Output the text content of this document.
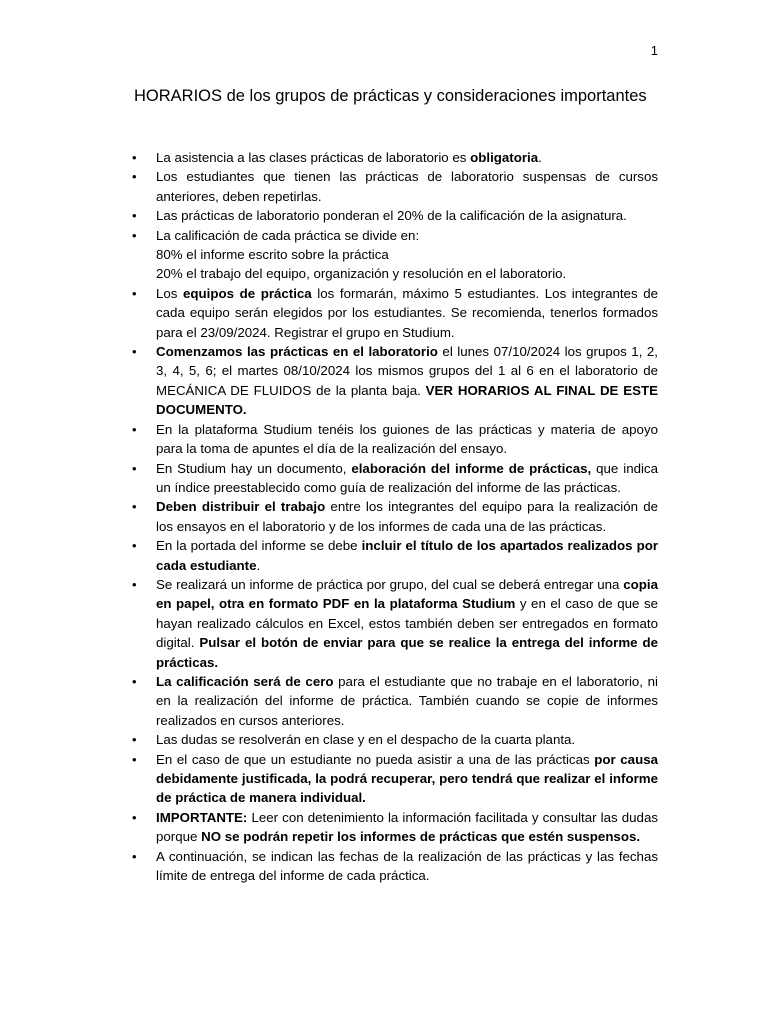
1
HORARIOS de los grupos de prácticas y consideraciones importantes
• La asistencia a las clases prácticas de laboratorio es obligatoria.
• Los estudiantes que tienen las prácticas de laboratorio suspensas de cursos anteriores, deben repetirlas.
• Las prácticas de laboratorio ponderan el 20% de la calificación de la asignatura.
• La calificación de cada práctica se divide en:
80% el informe escrito sobre la práctica
20% el trabajo del equipo, organización y resolución en el laboratorio.
• Los equipos de práctica los formarán, máximo 5 estudiantes. Los integrantes de cada equipo serán elegidos por los estudiantes. Se recomienda, tenerlos formados para el 23/09/2024. Registrar el grupo en Studium.
• Comenzamos las prácticas en el laboratorio el lunes 07/10/2024 los grupos 1, 2, 3, 4, 5, 6; el martes 08/10/2024 los mismos grupos del 1 al 6 en el laboratorio de MECÁNICA DE FLUIDOS de la planta baja. VER HORARIOS AL FINAL DE ESTE DOCUMENTO.
• En la plataforma Studium tenéis los guiones de las prácticas y materia de apoyo para la toma de apuntes el día de la realización del ensayo.
• En Studium hay un documento, elaboración del informe de prácticas, que indica un índice preestablecido como guía de realización del informe de las prácticas.
• Deben distribuir el trabajo entre los integrantes del equipo para la realización de los ensayos en el laboratorio y de los informes de cada una de las prácticas.
• En la portada del informe se debe incluir el título de los apartados realizados por cada estudiante.
• Se realizará un informe de práctica por grupo, del cual se deberá entregar una copia en papel, otra en formato PDF en la plataforma Studium y en el caso de que se hayan realizado cálculos en Excel, estos también deben ser entregados en formato digital. Pulsar el botón de enviar para que se realice la entrega del informe de prácticas.
• La calificación será de cero para el estudiante que no trabaje en el laboratorio, ni en la realización del informe de práctica. También cuando se copie de informes realizados en cursos anteriores.
• Las dudas se resolverán en clase y en el despacho de la cuarta planta.
• En el caso de que un estudiante no pueda asistir a una de las prácticas por causa debidamente justificada, la podrá recuperar, pero tendrá que realizar el informe de práctica de manera individual.
• IMPORTANTE: Leer con detenimiento la información facilitada y consultar las dudas porque NO se podrán repetir los informes de prácticas que estén suspensos.
• A continuación, se indican las fechas de la realización de las prácticas y las fechas límite de entrega del informe de cada práctica.
